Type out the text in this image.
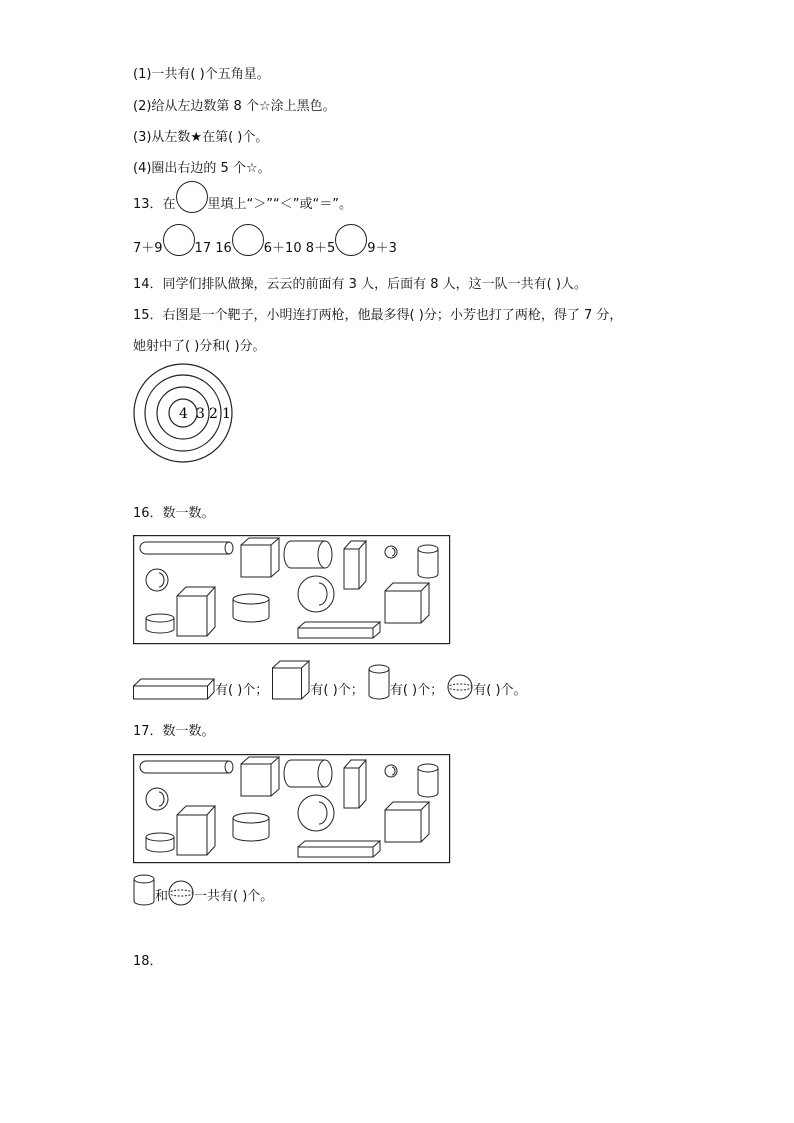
(1)一共有( )个五角星。
(2)给从左边数第 8 个☆涂上黑色。
(3)从左数★在第( )个。
(4)圈出右边的 5 个☆。
13．在 里填上“＞”“＜”或“＝”。
7＋9 17 16 6＋10 8＋5 9＋3
14．同学们排队做操，云云的前面有 3 人，后面有 8 人，这一队一共有( )人。
15．右图是一个靶子，小明连打两枪，他最多得( )分；小芳也打了两枪，得了 7 分，
她射中了( )分和( )分。
4 3 2 1
16．数一数。
有( )个；	有( )个； 有( )个； 有( )个。
17．数一数。
和 一共有( )个。
18．
